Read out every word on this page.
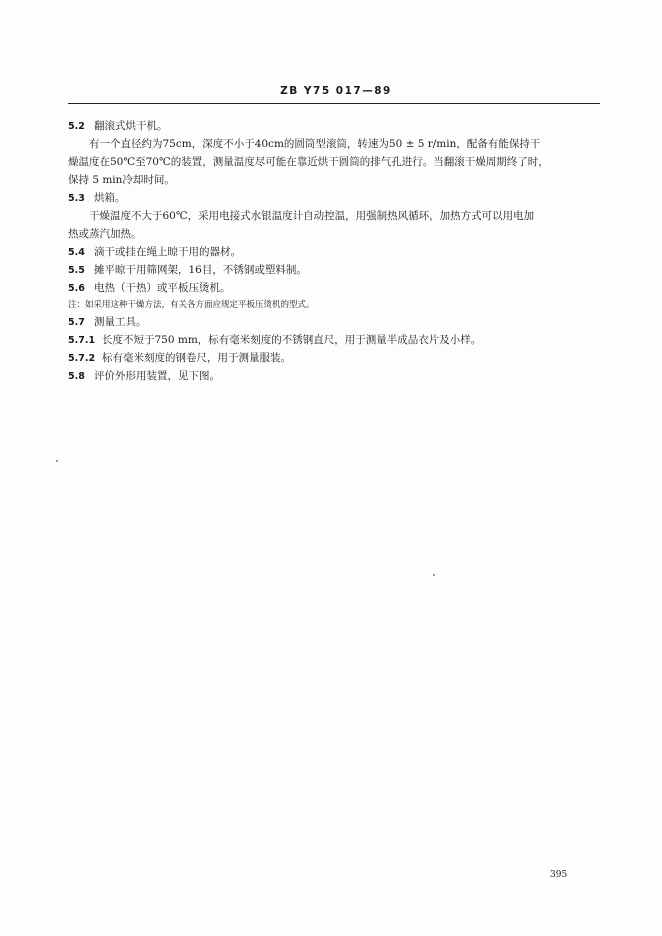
ZB Y75 017—89
5.2 翻滚式烘干机。
有一个直径约为75cm，深度不小于40cm的圆筒型滚筒，转速为50 ± 5 r/min，配备有能保持干
燥温度在50℃至70℃的装置，测量温度尽可能在靠近烘干圆筒的排气孔进行。当翻滚干燥周期终了时，
保持 5 min冷却时间。
5.3 烘箱。
干燥温度不大于60℃，采用电接式水银温度计自动控温，用强制热风循环，加热方式可以用电加
热或蒸汽加热。
5.4 滴干或挂在绳上晾干用的器材。
5.5 摊平晾干用筛网架，16目，不锈钢或塑料制。
5.6 电热（干热）或平板压烫机。
注：如采用这种干燥方法，有关各方面应规定平板压烫机的型式。
5.7 测量工具。
5.7.1 长度不短于750 mm，标有毫米刻度的不锈钢直尺，用于测量半成品衣片及小样。
5.7.2 标有毫米刻度的钢卷尺，用于测量服装。
5.8 评价外形用装置，见下图。
395
